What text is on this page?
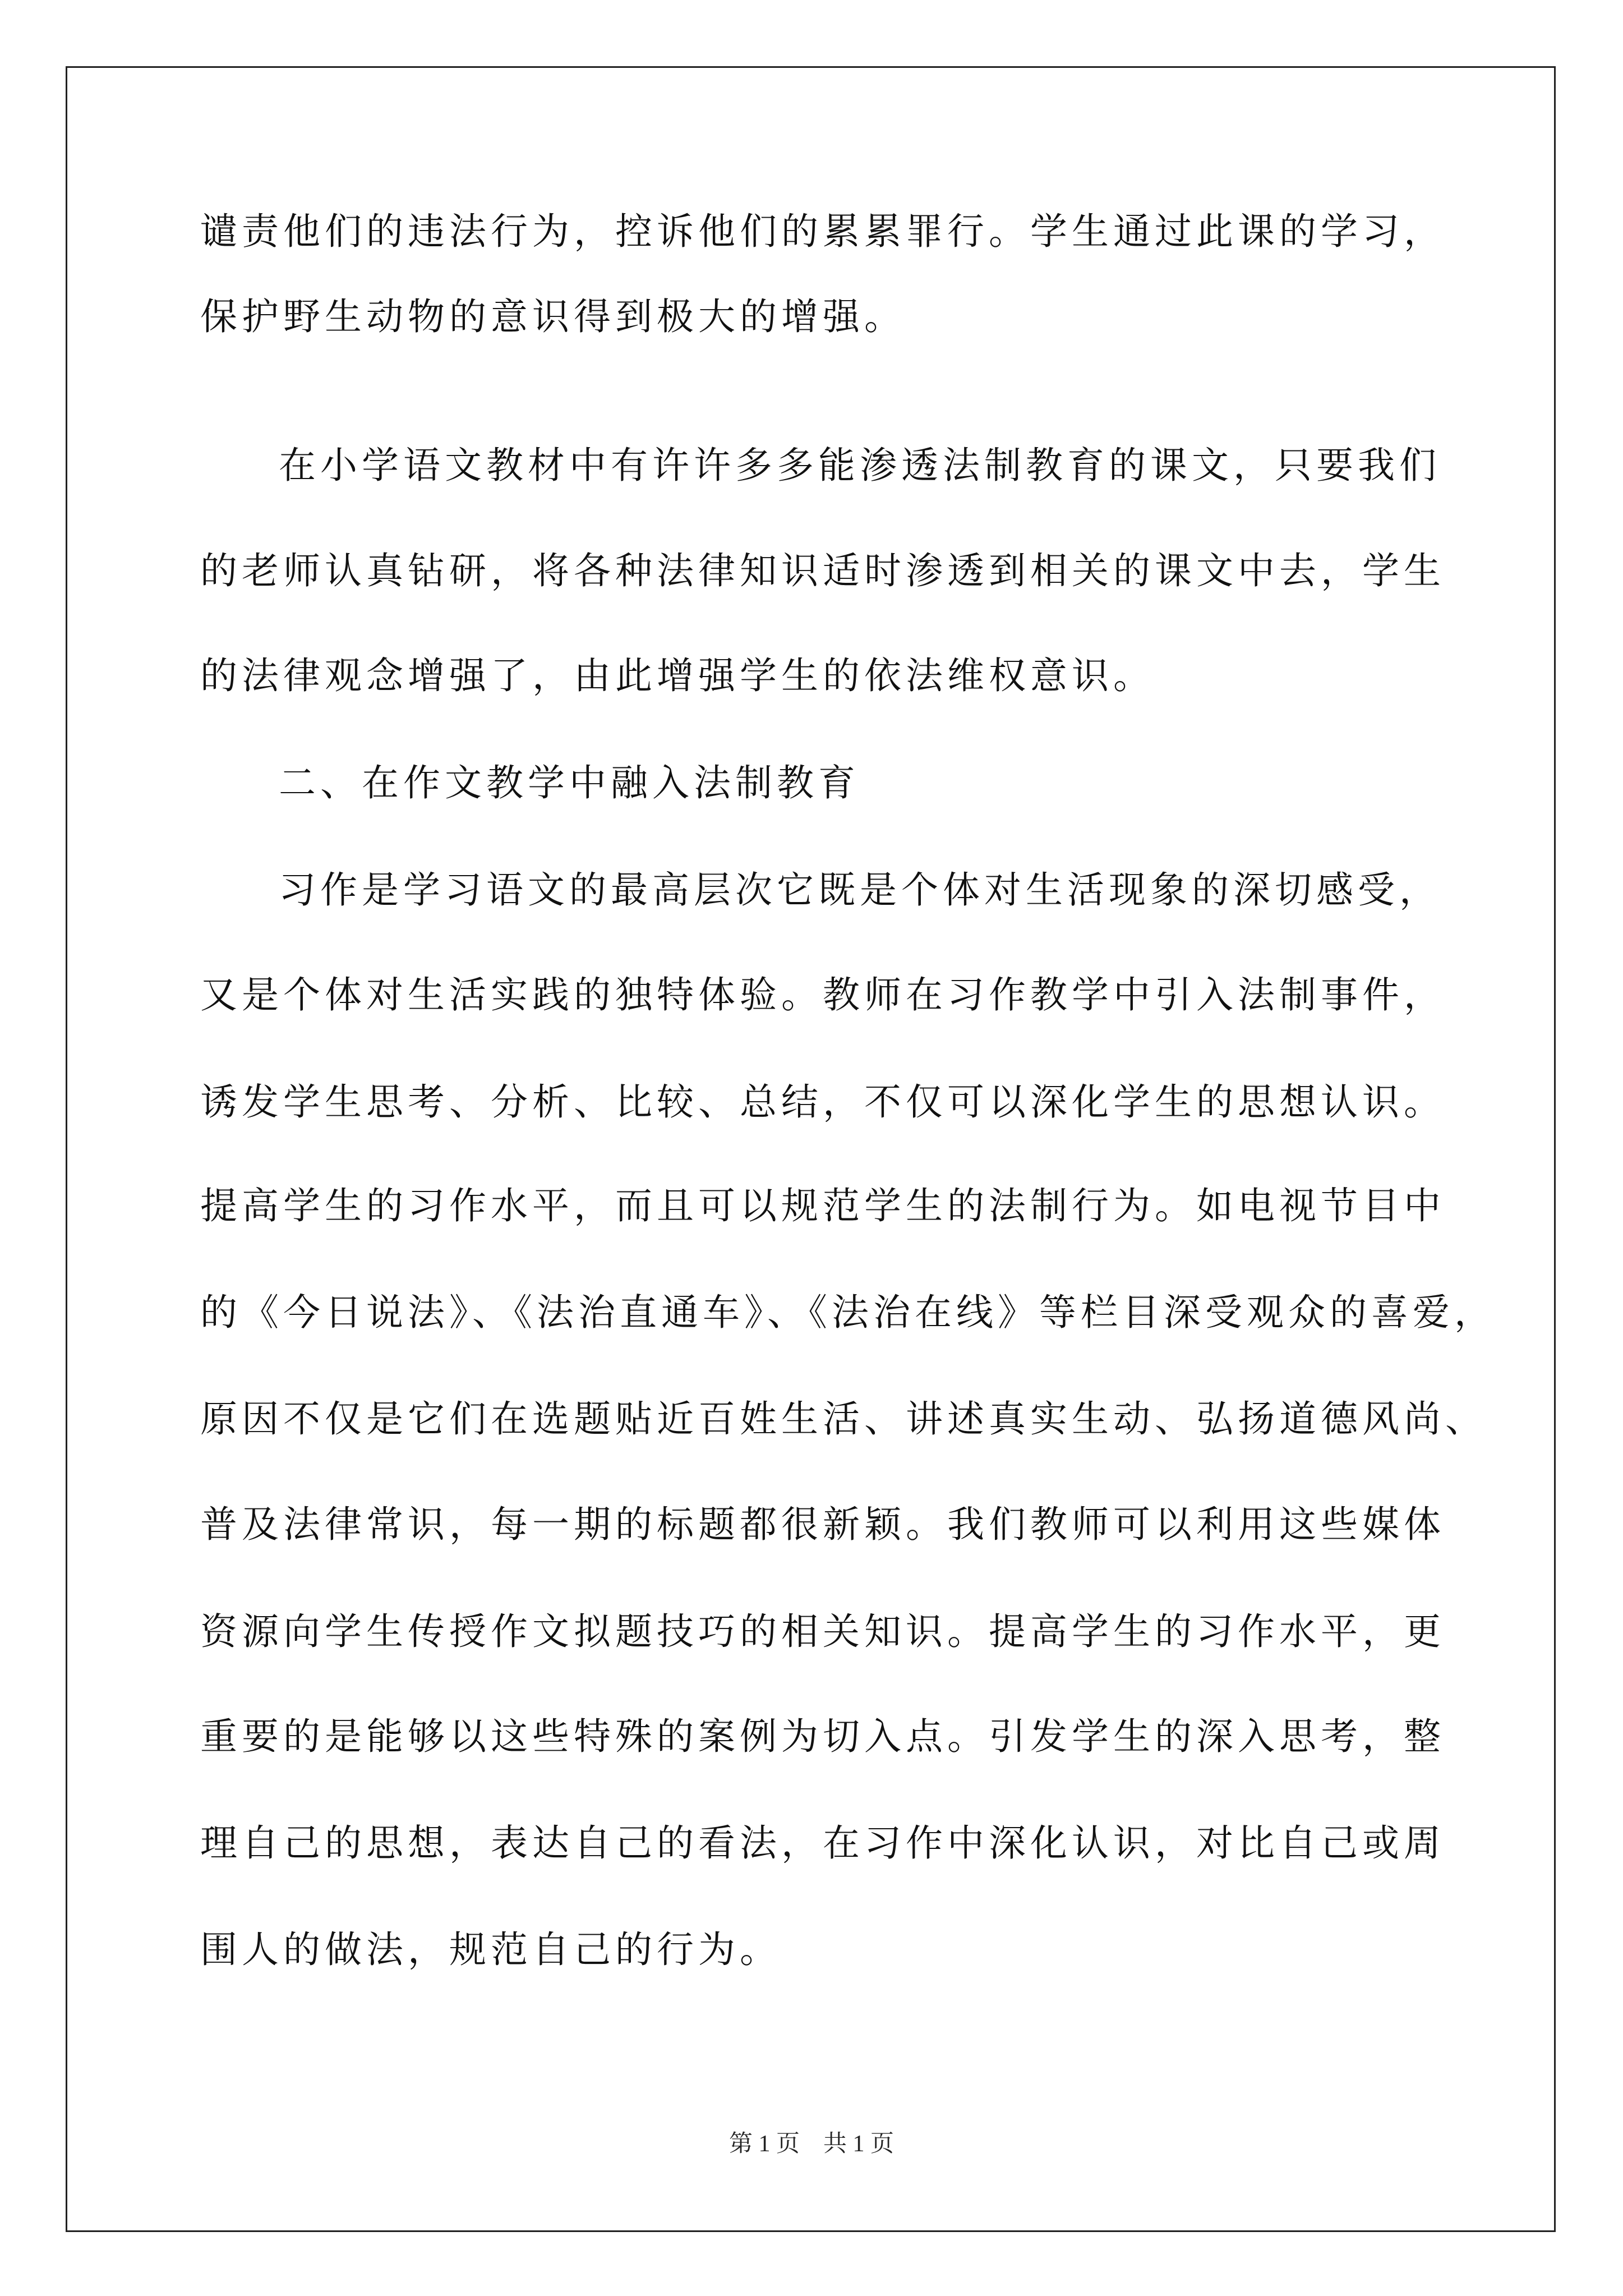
谴责他们的违法行为，控诉他们的累累罪行。学生通过此课的学习，
保护野生动物的意识得到极大的增强。
在小学语文教材中有许许多多能渗透法制教育的课文，只要我们
的老师认真钻研，将各种法律知识适时渗透到相关的课文中去，学生
的法律观念增强了，由此增强学生的依法维权意识。
二、在作文教学中融入法制教育
习作是学习语文的最高层次它既是个体对生活现象的深切感受，
又是个体对生活实践的独特体验。教师在习作教学中引入法制事件，
诱发学生思考、分析、比较、总结，不仅可以深化学生的思想认识。
提高学生的习作水平，而且可以规范学生的法制行为。如电视节目中
的《今日说法》、《法治直通车》、《法治在线》等栏目深受观众的喜爱，
原因不仅是它们在选题贴近百姓生活、讲述真实生动、弘扬道德风尚、
普及法律常识，每一期的标题都很新颖。我们教师可以利用这些媒体
资源向学生传授作文拟题技巧的相关知识。提高学生的习作水平，更
重要的是能够以这些特殊的案例为切入点。引发学生的深入思考，整
理自己的思想，表达自己的看法，在习作中深化认识，对比自己或周
围人的做法，规范自己的行为。
第 1 页　共 1 页
